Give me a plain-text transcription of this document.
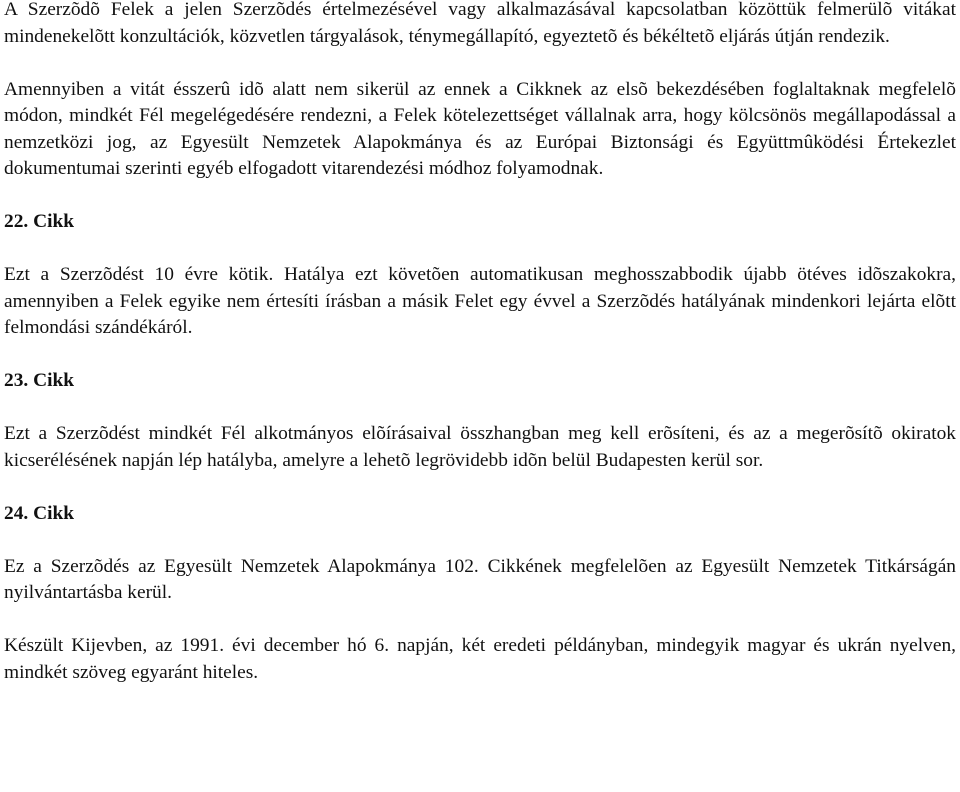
A Szerzõdõ Felek a jelen Szerzõdés értelmezésével vagy alkalmazásával kapcsolatban közöttük felmerülõ vitákat mindenekelõtt konzultációk, közvetlen tárgyalások, ténymegállapító, egyeztetõ és békéltetõ eljárás útján rendezik.

Amennyiben a vitát ésszerû idõ alatt nem sikerül az ennek a Cikknek az elsõ bekezdésében foglaltaknak megfelelõ módon, mindkét Fél megelégedésére rendezni, a Felek kötelezettséget vállalnak arra, hogy kölcsönös megállapodással a nemzetközi jog, az Egyesült Nemzetek Alapokmánya és az Európai Biztonsági és Együttmûködési Értekezlet dokumentumai szerinti egyéb elfogadott vitarendezési módhoz folyamodnak.

22. Cikk

Ezt a Szerzõdést 10 évre kötik. Hatálya ezt követõen automatikusan meghosszabbodik újabb ötéves idõszakokra, amennyiben a Felek egyike nem értesíti írásban a másik Felet egy évvel a Szerzõdés hatályának mindenkori lejárta elõtt felmondási szándékáról.

23. Cikk

Ezt a Szerzõdést mindkét Fél alkotmányos elõírásaival összhangban meg kell erõsíteni, és az a megerõsítõ okiratok kicserélésének napján lép hatályba, amelyre a lehetõ legrövidebb idõn belül Budapesten kerül sor.

24. Cikk

Ez a Szerzõdés az Egyesült Nemzetek Alapokmánya 102. Cikkének megfelelõen az Egyesült Nemzetek Titkárságán nyilvántartásba kerül.

Készült Kijevben, az 1991. évi december hó 6. napján, két eredeti példányban, mindegyik magyar és ukrán nyelven, mindkét szöveg egyaránt hiteles.
